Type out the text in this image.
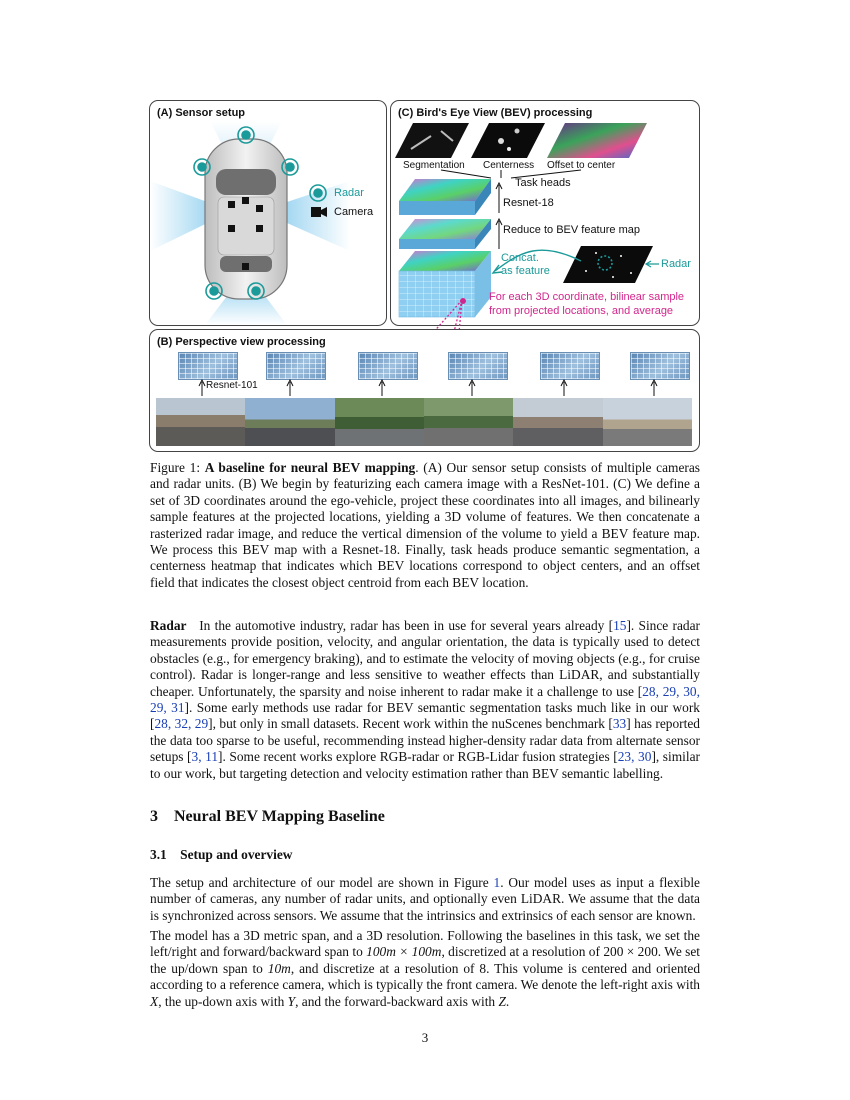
(A) Sensor setup
Radar
Camera
(C) Bird's Eye View (BEV) processing
Segmentation Centerness Offset to center
Task heads
Resnet-18
Reduce to BEV feature map
Concat.
as feature
Radar
For each 3D coordinate, bilinear sample
from projected locations, and average
(B) Perspective view processing
Resnet-101
Figure 1: A baseline for neural BEV mapping. (A) Our sensor setup consists of multiple cameras and radar units. (B) We begin by featurizing each camera image with a ResNet-101. (C) We define a set of 3D coordinates around the ego-vehicle, project these coordinates into all images, and bilinearly sample features at the projected locations, yielding a 3D volume of features. We then concatenate a rasterized radar image, and reduce the vertical dimension of the volume to yield a BEV feature map. We process this BEV map with a Resnet-18. Finally, task heads produce semantic segmentation, a centerness heatmap that indicates which BEV locations correspond to object centers, and an offset field that indicates the closest object centroid from each BEV location.

Radar In the automotive industry, radar has been in use for several years already [15]. Since radar measurements provide position, velocity, and angular orientation, the data is typically used to detect obstacles (e.g., for emergency braking), and to estimate the velocity of moving objects (e.g., for cruise control). Radar is longer-range and less sensitive to weather effects than LiDAR, and substantially cheaper. Unfortunately, the sparsity and noise inherent to radar make it a challenge to use [28, 29, 30, 29, 31]. Some early methods use radar for BEV semantic segmentation tasks much like in our work [28, 32, 29], but only in small datasets. Recent work within the nuScenes benchmark [33] has reported the data too sparse to be useful, recommending instead higher-density radar data from alternate sensor setups [3, 11]. Some recent works explore RGB-radar or RGB-Lidar fusion strategies [23, 30], similar to our work, but targeting detection and velocity estimation rather than BEV semantic labelling.

3    Neural BEV Mapping Baseline
3.1    Setup and overview

The setup and architecture of our model are shown in Figure 1. Our model uses as input a flexible number of cameras, any number of radar units, and optionally even LiDAR. We assume that the data is synchronized across sensors. We assume that the intrinsics and extrinsics of each sensor are known.

The model has a 3D metric span, and a 3D resolution. Following the baselines in this task, we set the left/right and forward/backward span to 100m × 100m, discretized at a resolution of 200 × 200. We set the up/down span to 10m, and discretize at a resolution of 8. This volume is centered and oriented according to a reference camera, which is typically the front camera. We denote the left-right axis with X, the up-down axis with Y, and the forward-backward axis with Z.

3
